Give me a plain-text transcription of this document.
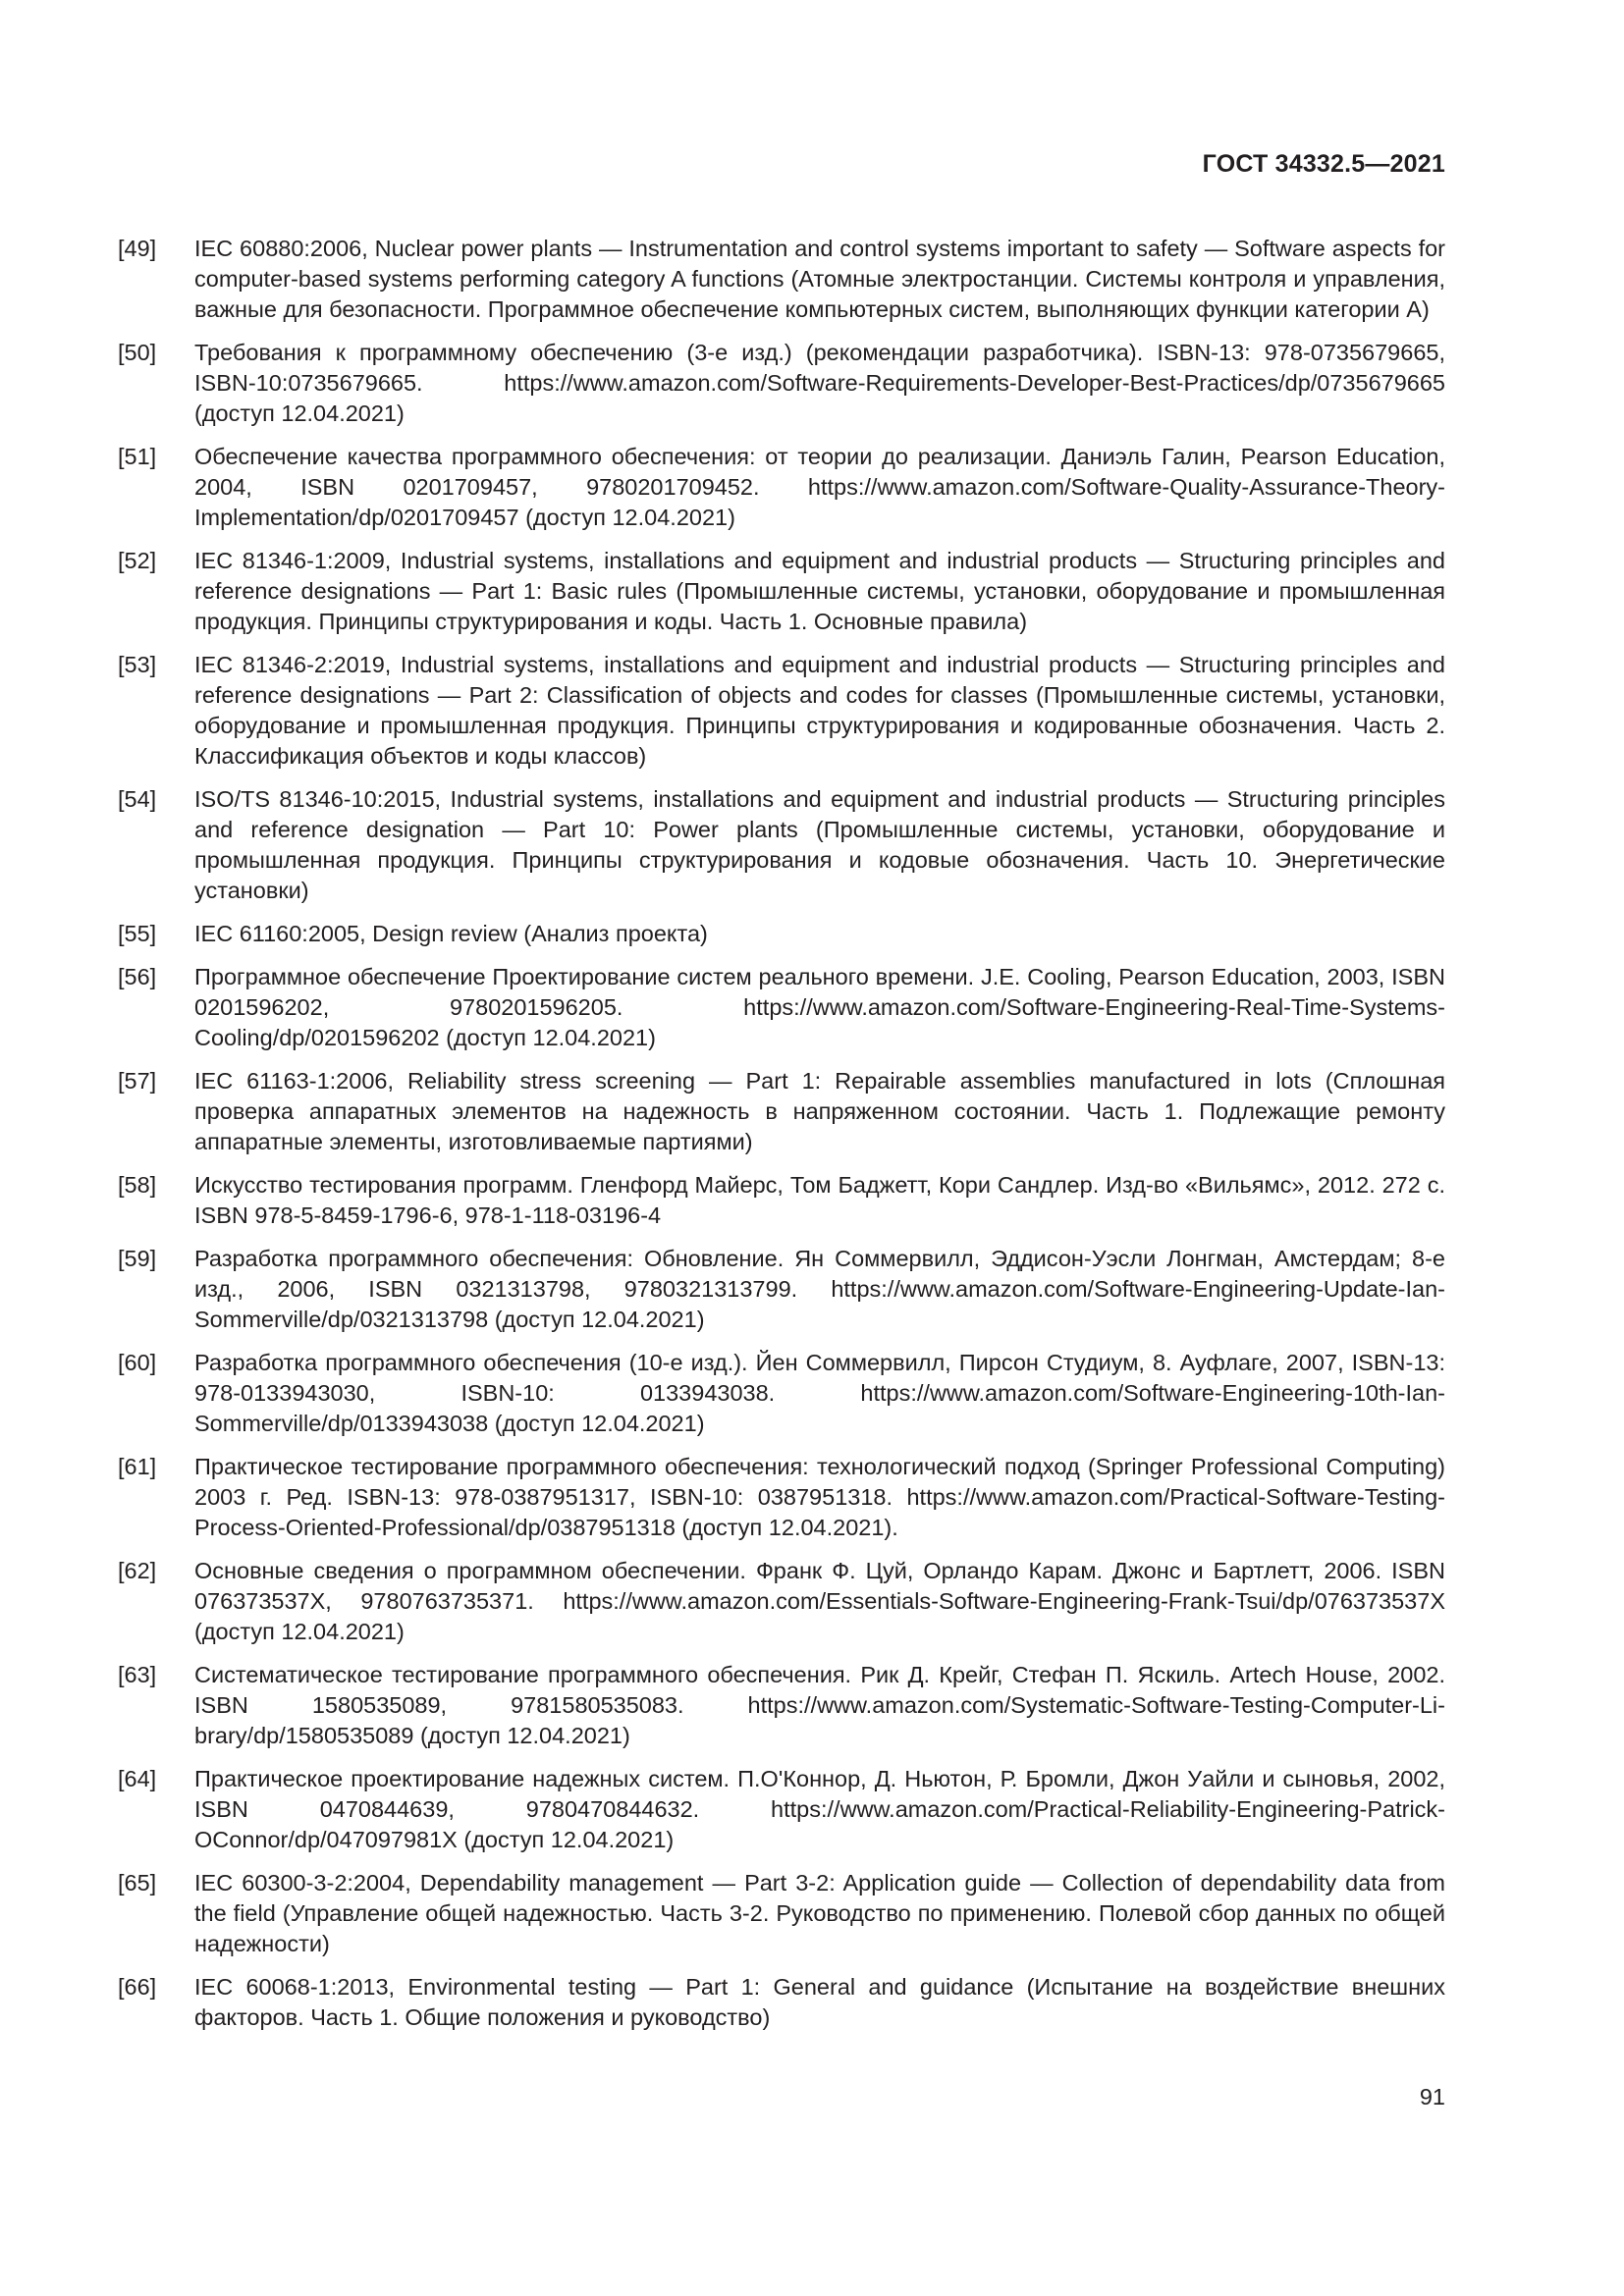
ГОСТ 34332.5—2021
[49]	IEC 60880:2006, Nuclear power plants — Instrumentation and control systems important to safety — Software aspects for computer-based systems performing category A functions (Атомные электростанции. Системы контроля и управления, важные для безопасности. Программное обеспечение компьютерных систем, выполняющих функции категории А)
[50]	Требования к программному обеспечению (3-е изд.) (рекомендации разработчика). ISBN-13: 978-0735679665, ISBN-10:0735679665. https://www.amazon.com/Software-Requirements-Developer-Best-Practices/dp/0735679665 (доступ 12.04.2021)
[51]	Обеспечение качества программного обеспечения: от теории до реализации. Даниэль Галин, Pearson Education, 2004, ISBN 0201709457, 9780201709452. https://www.amazon.com/Software-Quality-Assurance-Theory-Implementation/dp/0201709457 (доступ 12.04.2021)
[52]	IEC 81346-1:2009, Industrial systems, installations and equipment and industrial products — Structuring principles and reference designations — Part 1: Basic rules (Промышленные системы, установки, оборудование и промышленная продукция. Принципы структурирования и коды. Часть 1. Основные правила)
[53]	IEC 81346-2:2019, Industrial systems, installations and equipment and industrial products — Structuring principles and reference designations — Part 2: Classification of objects and codes for classes (Промышленные системы, установки, оборудование и промышленная продукция. Принципы структурирования и кодированные обозначения. Часть 2. Классификация объектов и коды классов)
[54]	ISO/TS 81346-10:2015, Industrial systems, installations and equipment and industrial products — Structuring principles and reference designation — Part 10: Power plants (Промышленные системы, установки, оборудование и промышленная продукция. Принципы структурирования и кодовые обозначения. Часть 10. Энергетические установки)
[55]	IEC 61160:2005, Design review (Анализ проекта)
[56]	Программное обеспечение Проектирование систем реального времени. J.E. Cooling, Pearson Education, 2003, ISBN 0201596202, 9780201596205. https://www.amazon.com/Software-Engineering-Real-Time-Systems-Cooling/dp/0201596202 (доступ 12.04.2021)
[57]	IEC 61163-1:2006, Reliability stress screening — Part 1: Repairable assemblies manufactured in lots (Сплошная проверка аппаратных элементов на надежность в напряженном состоянии. Часть 1. Подлежащие ремонту аппаратные элементы, изготовливаемые партиями)
[58]	Искусство тестирования программ. Гленфорд Майерс, Том Баджетт, Кори Сандлер. Изд-во «Вильямс», 2012. 272 с. ISBN 978-5-8459-1796-6, 978-1-118-03196-4
[59]	Разработка программного обеспечения: Обновление. Ян Соммервилл, Эддисон-Уэсли Лонгман, Амстердам; 8-е изд., 2006, ISBN 0321313798, 9780321313799. https://www.amazon.com/Software-Engineering-Update-Ian-Sommerville/dp/0321313798 (доступ 12.04.2021)
[60]	Разработка программного обеспечения (10-е изд.). Йен Соммервилл, Пирсон Студиум, 8. Ауфлаге, 2007, ISBN-13: 978-0133943030, ISBN-10: 0133943038. https://www.amazon.com/Software-Engineering-10th-Ian-Sommerville/dp/0133943038 (доступ 12.04.2021)
[61]	Практическое тестирование программного обеспечения: технологический подход (Springer Professional Computing) 2003 г. Ред. ISBN-13: 978-0387951317, ISBN-10: 0387951318. https://www.amazon.com/Practical-Software-Testing-Process-Oriented-Professional/dp/0387951318 (доступ 12.04.2021).
[62]	Основные сведения о программном обеспечении. Франк Ф. Цуй, Орландо Карам. Джонс и Бартлетт, 2006. ISBN 076373537X, 9780763735371. https://www.amazon.com/Essentials-Software-Engineering-Frank-Tsui/dp/076373537X (доступ 12.04.2021)
[63]	Систематическое тестирование программного обеспечения. Рик Д. Крейг, Стефан П. Яскиль. Artech House, 2002. ISBN 1580535089, 9781580535083. https://www.amazon.com/Systematic-Software-Testing-Computer-Library/dp/1580535089 (доступ 12.04.2021)
[64]	Практическое проектирование надежных систем. П.О'Коннор, Д. Ньютон, Р. Бромли, Джон Уайли и сыновья, 2002, ISBN 0470844639, 9780470844632. https://www.amazon.com/Practical-Reliability-Engineering-Patrick-OConnor/dp/047097981X (доступ 12.04.2021)
[65]	IEC 60300-3-2:2004, Dependability management — Part 3-2: Application guide — Collection of dependability data from the field (Управление общей надежностью. Часть 3-2. Руководство по применению. Полевой сбор данных по общей надежности)
[66]	IEC 60068-1:2013, Environmental testing — Part 1: General and guidance (Испытание на воздействие внешних факторов. Часть 1. Общие положения и руководство)
91
